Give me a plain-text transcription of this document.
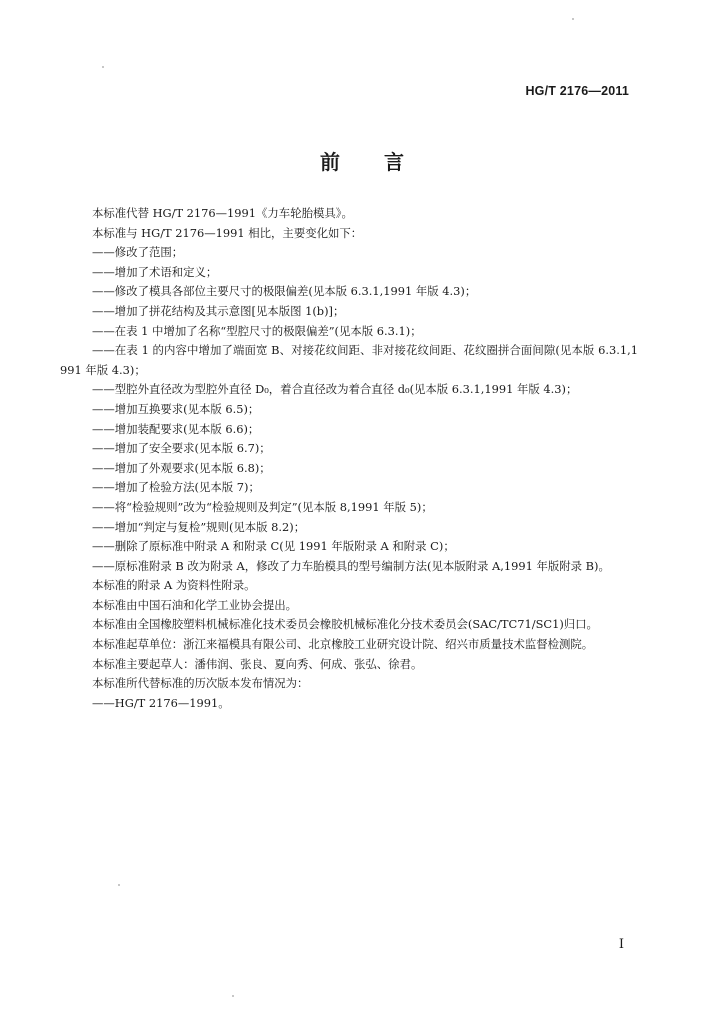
HG/T 2176—2011
前 言

本标准代替 HG/T 2176—1991《力车轮胎模具》。

本标准与 HG/T 2176—1991 相比，主要变化如下：

——修改了范围；

——增加了术语和定义；

——修改了模具各部位主要尺寸的极限偏差(见本版 6.3.1,1991 年版 4.3)；

——增加了拼花结构及其示意图[见本版图 1(b)]；

——在表 1 中增加了名称“型腔尺寸的极限偏差”(见本版 6.3.1)；

——在表 1 的内容中增加了端面宽 B、对接花纹间距、非对接花纹间距、花纹圈拼合面间隙(见本版 6.3.1,1991 年版 4.3)；

——型腔外直径改为型腔外直径 D₀，着合直径改为着合直径 d₀(见本版 6.3.1,1991 年版 4.3)；

——增加互换要求(见本版 6.5)；

——增加装配要求(见本版 6.6)；

——增加了安全要求(见本版 6.7)；

——增加了外观要求(见本版 6.8)；

——增加了检验方法(见本版 7)；

——将“检验规则”改为“检验规则及判定”(见本版 8,1991 年版 5)；

——增加“判定与复检”规则(见本版 8.2)；

——删除了原标准中附录 A 和附录 C(见 1991 年版附录 A 和附录 C)；

——原标准附录 B 改为附录 A，修改了力车胎模具的型号编制方法(见本版附录 A,1991 年版附录 B)。

本标准的附录 A 为资料性附录。

本标准由中国石油和化学工业协会提出。

本标准由全国橡胶塑料机械标准化技术委员会橡胶机械标准化分技术委员会(SAC/TC71/SC1)归口。

本标准起草单位：浙江来福模具有限公司、北京橡胶工业研究设计院、绍兴市质量技术监督检测院。

本标准主要起草人：潘伟润、张良、夏向秀、何成、张弘、徐君。

本标准所代替标准的历次版本发布情况为：

——HG/T 2176—1991。

I
